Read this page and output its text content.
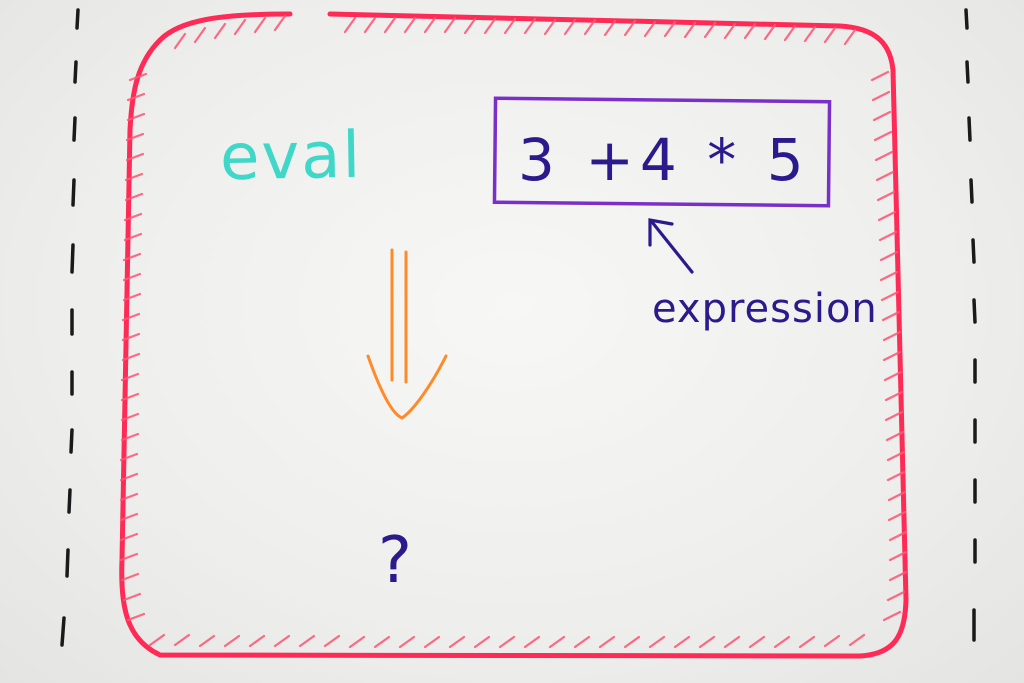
eval	3 +4 * 5
expression
?
